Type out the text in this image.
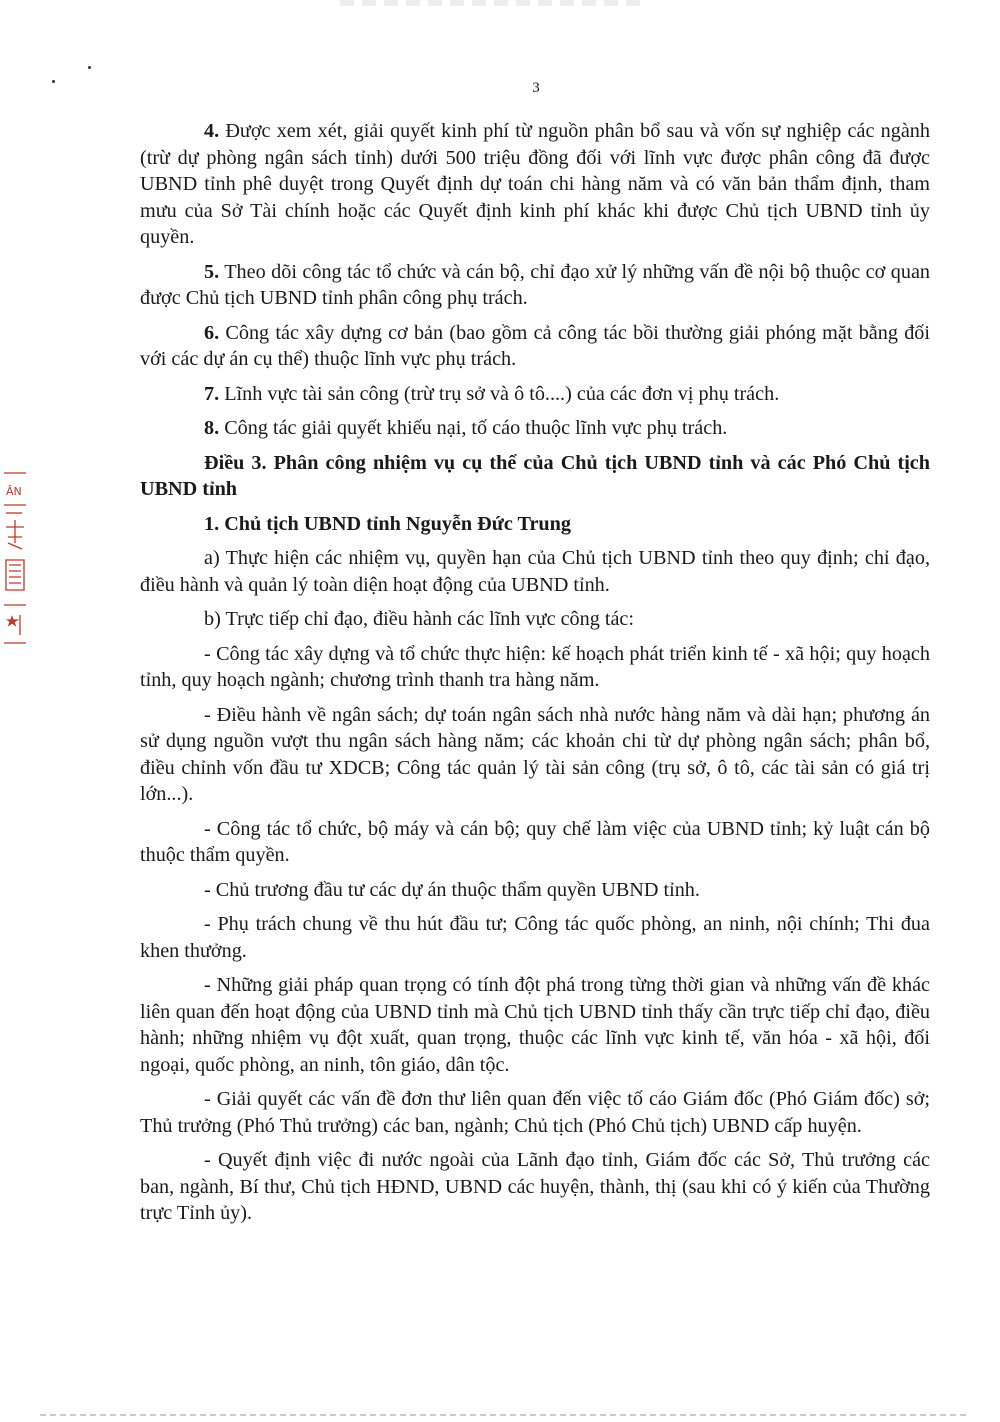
3
ÂN

4. Được xem xét, giải quyết kinh phí từ nguồn phân bổ sau và vốn sự nghiệp các ngành (trừ dự phòng ngân sách tỉnh) dưới 500 triệu đồng đối với lĩnh vực được phân công đã được UBND tỉnh phê duyệt trong Quyết định dự toán chi hàng năm và có văn bản thẩm định, tham mưu của Sở Tài chính hoặc các Quyết định kinh phí khác khi được Chủ tịch UBND tỉnh ủy quyền.

5. Theo dõi công tác tổ chức và cán bộ, chỉ đạo xử lý những vấn đề nội bộ thuộc cơ quan được Chủ tịch UBND tỉnh phân công phụ trách.

6. Công tác xây dựng cơ bản (bao gồm cả công tác bồi thường giải phóng mặt bằng đối với các dự án cụ thể) thuộc lĩnh vực phụ trách.

7. Lĩnh vực tài sản công (trừ trụ sở và ô tô....) của các đơn vị phụ trách.

8. Công tác giải quyết khiếu nại, tố cáo thuộc lĩnh vực phụ trách.

Điều 3. Phân công nhiệm vụ cụ thể của Chủ tịch UBND tỉnh và các Phó Chủ tịch UBND tỉnh

1. Chủ tịch UBND tỉnh Nguyễn Đức Trung

a) Thực hiện các nhiệm vụ, quyền hạn của Chủ tịch UBND tỉnh theo quy định; chỉ đạo, điều hành và quản lý toàn diện hoạt động của UBND tỉnh.

b) Trực tiếp chỉ đạo, điều hành các lĩnh vực công tác:

- Công tác xây dựng và tổ chức thực hiện: kế hoạch phát triển kinh tế - xã hội; quy hoạch tỉnh, quy hoạch ngành; chương trình thanh tra hàng năm.

- Điều hành về ngân sách; dự toán ngân sách nhà nước hàng năm và dài hạn; phương án sử dụng nguồn vượt thu ngân sách hàng năm; các khoản chi từ dự phòng ngân sách; phân bổ, điều chỉnh vốn đầu tư XDCB; Công tác quản lý tài sản công (trụ sở, ô tô, các tài sản có giá trị lớn...).

- Công tác tổ chức, bộ máy và cán bộ; quy chế làm việc của UBND tỉnh; kỷ luật cán bộ thuộc thẩm quyền.

- Chủ trương đầu tư các dự án thuộc thẩm quyền UBND tỉnh.

- Phụ trách chung về thu hút đầu tư; Công tác quốc phòng, an ninh, nội chính; Thi đua khen thưởng.

- Những giải pháp quan trọng có tính đột phá trong từng thời gian và những vấn đề khác liên quan đến hoạt động của UBND tỉnh mà Chủ tịch UBND tỉnh thấy cần trực tiếp chỉ đạo, điều hành; những nhiệm vụ đột xuất, quan trọng, thuộc các lĩnh vực kinh tế, văn hóa - xã hội, đối ngoại, quốc phòng, an ninh, tôn giáo, dân tộc.

- Giải quyết các vấn đề đơn thư liên quan đến việc tố cáo Giám đốc (Phó Giám đốc) sở; Thủ trưởng (Phó Thủ trưởng) các ban, ngành; Chủ tịch (Phó Chủ tịch) UBND cấp huyện.

- Quyết định việc đi nước ngoài của Lãnh đạo tỉnh, Giám đốc các Sở, Thủ trưởng các ban, ngành, Bí thư, Chủ tịch HĐND, UBND các huyện, thành, thị (sau khi có ý kiến của Thường trực Tỉnh ủy).
